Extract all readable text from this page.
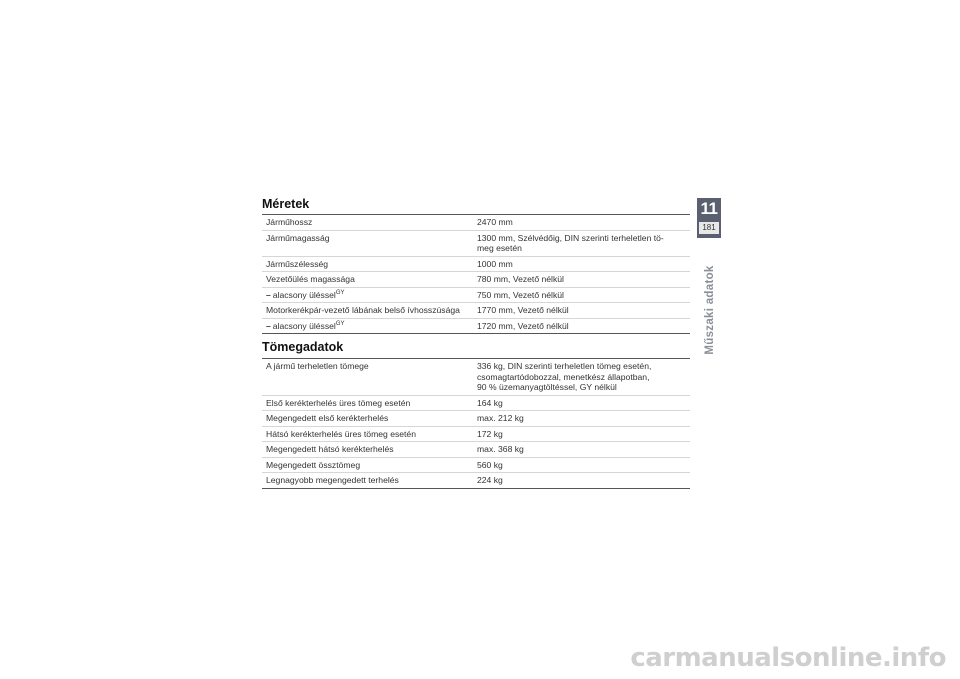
Méretek
Járműhossz	2470 mm

Járműmagasság	1300 mm, Szélvédőig, DIN szerinti terheletlen tö-
meg esetén

Járműszélesség	1000 mm

Vezetőülés magassága	780 mm, Vezető nélkül

– alacsony üléssel$^{GY}$	750 mm, Vezető nélkül

Motorkerékpár-vezető lábának belső ívhosszúsága	1770 mm, Vezető nélkül

– alacsony üléssel$^{GY}$	1720 mm, Vezető nélkül
Tömegadatok
A jármű terheletlen tömege	336 kg, DIN szerinti terheletlen tömeg esetén,
csomagtartódobozzal, menetkész állapotban,
90 % üzemanyagtöltéssel, GY nélkül

Első kerékterhelés üres tömeg esetén	164 kg

Megengedett első kerékterhelés	max. 212 kg

Hátsó kerékterhelés üres tömeg esetén	172 kg

Megengedett hátsó kerékterhelés	max. 368 kg

Megengedett össztömeg	560 kg

Legnagyobb megengedett terhelés	224 kg
11
181
Műszaki adatok
carmanualsonline.info
